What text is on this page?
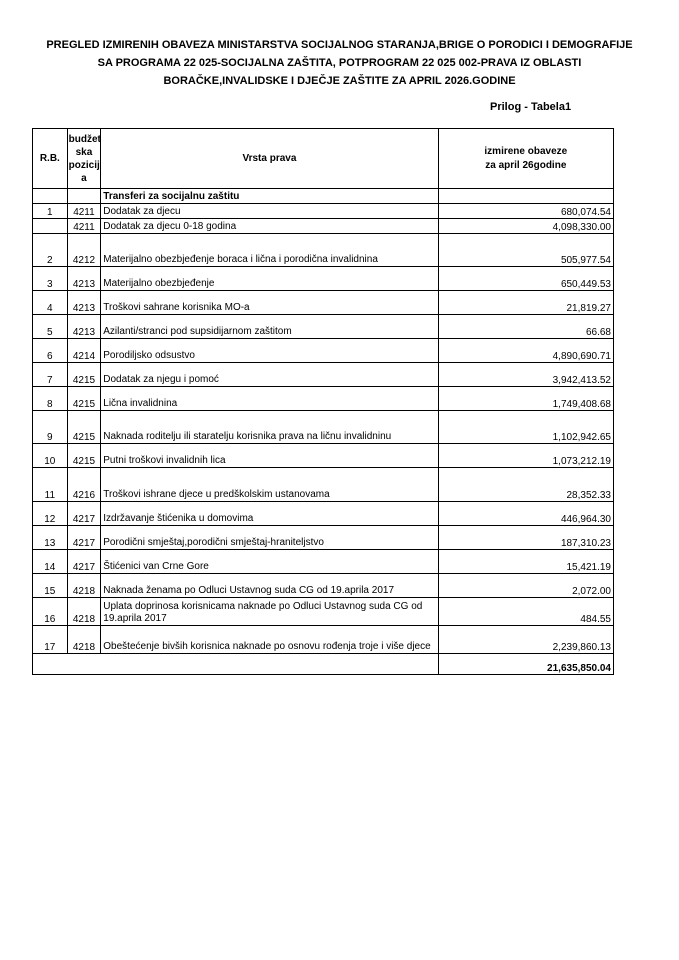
PREGLED IZMIRENIH OBAVEZA MINISTARSTVA SOCIJALNOG STARANJA,BRIGE O PORODICI I DEMOGRAFIJE
SA PROGRAMA 22 025-SOCIJALNA ZAŠTITA, POTPROGRAM 22 025 002-PRAVA IZ OBLASTI
BORAČKE,INVALIDSKE I DJEČJE ZAŠTITE ZA APRIL 2026.GODINE
Prilog - Tabela1
R.B.	budžet ska pozicij a	Vrsta prava	izmirene obaveze za april 26godine
		Transferi za socijalnu zaštitu	
1	4211	Dodatak za djecu	680,074.54
	4211	Dodatak za djecu 0-18 godina	4,098,330.00
2	4212	Materijalno obezbjeđenje boraca i lična i porodična invalidnina	505,977.54
3	4213	Materijalno obezbjeđenje	650,449.53
4	4213	Troškovi sahrane korisnika MO-a	21,819.27
5	4213	Azilanti/stranci pod supsidijarnom zaštitom	66.68
6	4214	Porodiljsko odsustvo	4,890,690.71
7	4215	Dodatak za njegu i pomoć	3,942,413.52
8	4215	Lična invalidnina	1,749,408.68
9	4215	Naknada roditelju ili staratelju korisnika prava na ličnu invalidninu	1,102,942.65
10	4215	Putni troškovi invalidnih lica	1,073,212.19
11	4216	Troškovi ishrane djece u predškolskim ustanovama	28,352.33
12	4217	Izdržavanje štićenika u domovima	446,964.30
13	4217	Porodični smještaj,porodični smještaj-hraniteljstvo	187,310.23
14	4217	Štićenici van Crne Gore	15,421.19
15	4218	Naknada ženama po Odluci Ustavnog suda CG od 19.aprila 2017	2,072.00
16	4218	Uplata doprinosa korisnicama naknade po Odluci Ustavnog suda CG od 19.aprila 2017	484.55
17	4218	Obeštećenje bivših korisnica naknade po osnovu rođenja troje i više djece	2,239,860.13
			21,635,850.04
